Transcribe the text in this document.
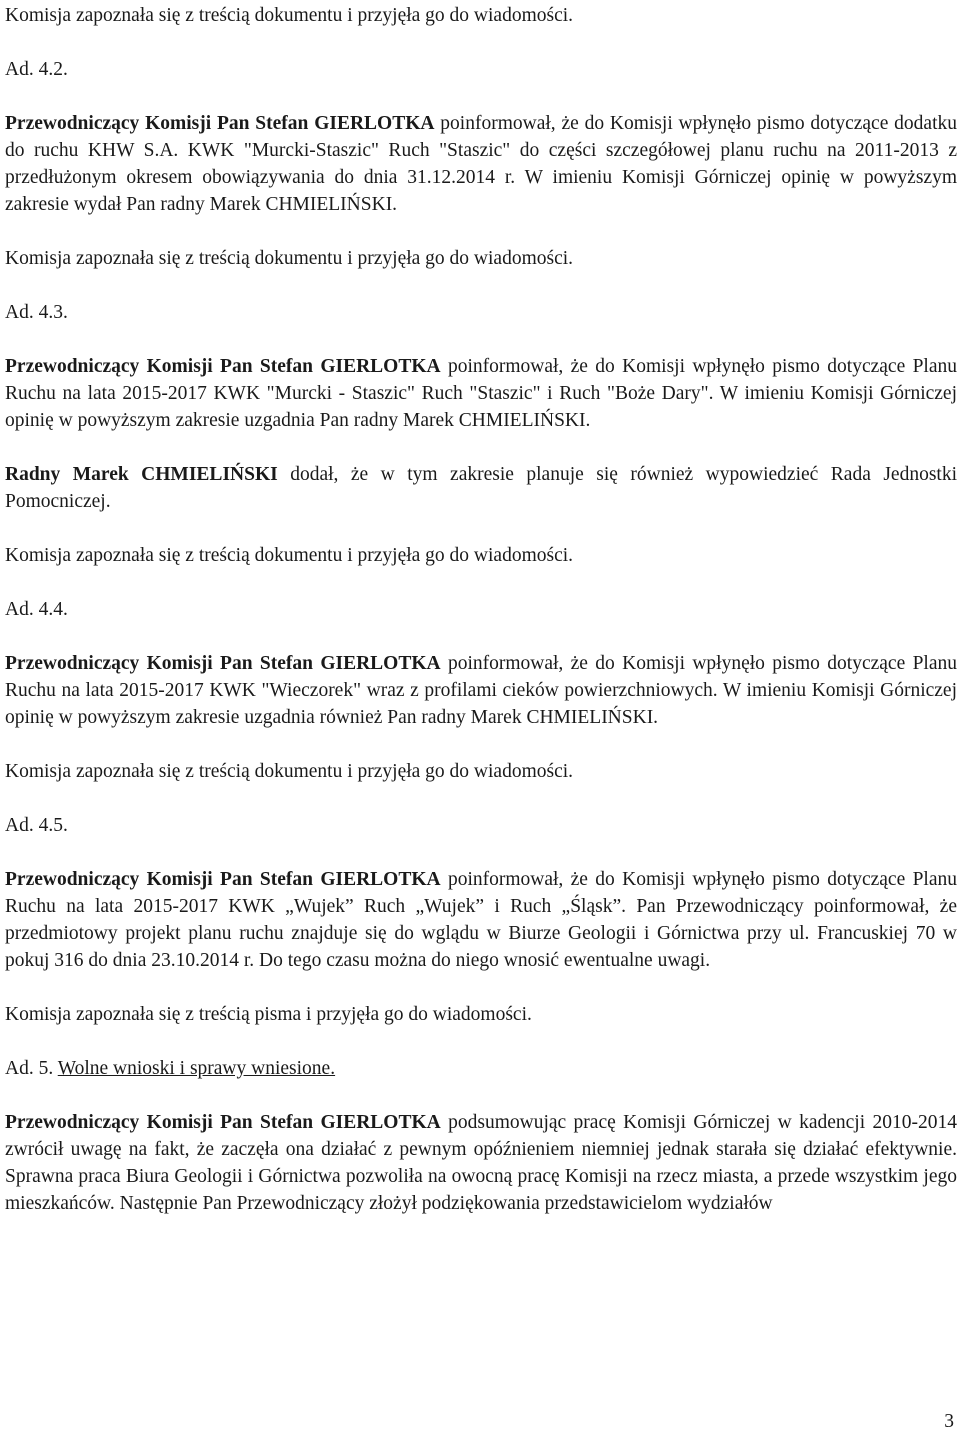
Komisja zapoznała się z treścią dokumentu i przyjęła go do wiadomości.

Ad. 4.2.

Przewodniczący Komisji Pan Stefan GIERLOTKA poinformował, że do Komisji wpłynęło pismo dotyczące dodatku do ruchu KHW S.A. KWK "Murcki-Staszic" Ruch "Staszic" do części szczegółowej planu ruchu na 2011-2013 z przedłużonym okresem obowiązywania do dnia 31.12.2014 r. W imieniu Komisji Górniczej opinię w powyższym zakresie wydał Pan radny Marek CHMIELIŃSKI.

Komisja zapoznała się z treścią dokumentu i przyjęła go do wiadomości.

Ad. 4.3.

Przewodniczący Komisji Pan Stefan GIERLOTKA poinformował, że do Komisji wpłynęło pismo dotyczące Planu Ruchu na lata 2015-2017 KWK "Murcki - Staszic" Ruch "Staszic" i Ruch "Boże Dary". W imieniu Komisji Górniczej opinię w powyższym zakresie uzgadnia Pan radny Marek CHMIELIŃSKI.

Radny Marek CHMIELIŃSKI dodał, że w tym zakresie planuje się również wypowiedzieć Rada Jednostki Pomocniczej.

Komisja zapoznała się z treścią dokumentu i przyjęła go do wiadomości.

Ad. 4.4.

Przewodniczący Komisji Pan Stefan GIERLOTKA poinformował, że do Komisji wpłynęło pismo dotyczące Planu Ruchu na lata 2015-2017 KWK "Wieczorek" wraz z profilami cieków powierzchniowych. W imieniu Komisji Górniczej opinię w powyższym zakresie uzgadnia również Pan radny Marek CHMIELIŃSKI.

Komisja zapoznała się z treścią dokumentu i przyjęła go do wiadomości.

Ad. 4.5.

Przewodniczący Komisji Pan Stefan GIERLOTKA poinformował, że do Komisji wpłynęło pismo dotyczące Planu Ruchu na lata 2015-2017 KWK „Wujek” Ruch „Wujek” i Ruch „Śląsk”. Pan Przewodniczący poinformował, że przedmiotowy projekt planu ruchu znajduje się do wglądu w Biurze Geologii i Górnictwa przy ul. Francuskiej 70 w pokuj 316 do dnia 23.10.2014 r. Do tego czasu można do niego wnosić ewentualne uwagi.

Komisja zapoznała się z treścią pisma i przyjęła go do wiadomości.

Ad. 5. Wolne wnioski i sprawy wniesione.

Przewodniczący Komisji Pan Stefan GIERLOTKA podsumowując pracę Komisji Górniczej w kadencji 2010-2014 zwrócił uwagę na fakt, że zaczęła ona działać z pewnym opóźnieniem niemniej jednak starała się działać efektywnie. Sprawna praca Biura Geologii i Górnictwa pozwoliła na owocną pracę Komisji na rzecz miasta, a przede wszystkim jego mieszkańców. Następnie Pan Przewodniczący złożył podziękowania przedstawicielom wydziałów

3
